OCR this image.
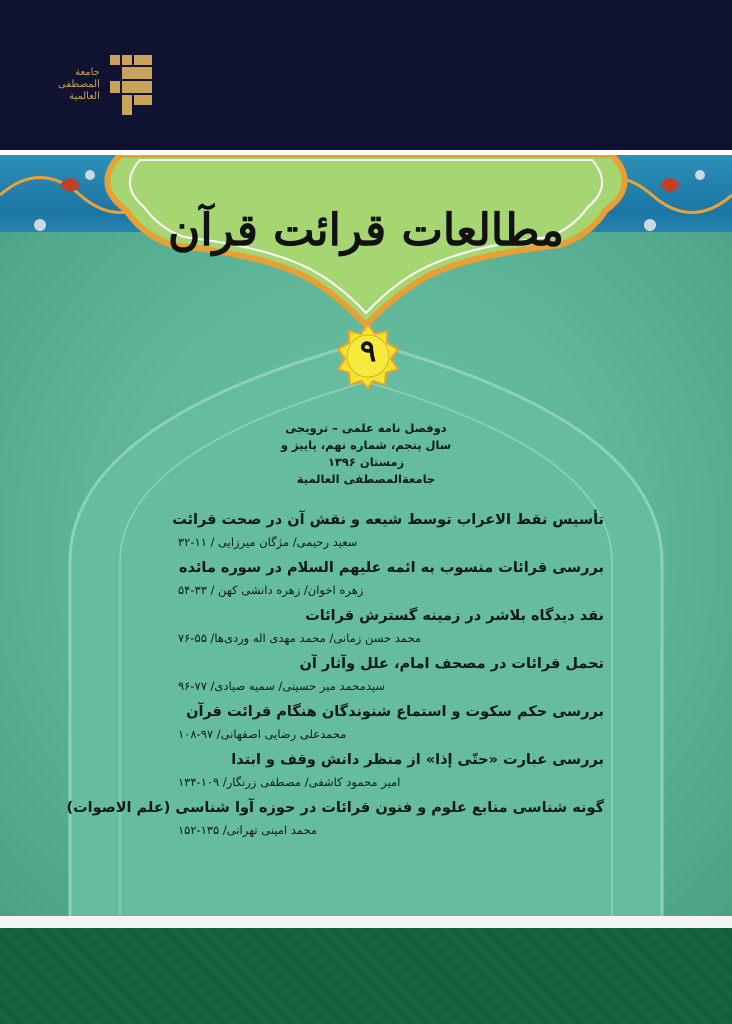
جامعة
المصطفى
العالمية
مطالعات قرائت قرآن
۹
دوفصل نامه علمی – ترویجی
سال پنجم، شماره نهم، پاییز و زمستان ۱۳۹۶
جامعةالمصطفی العالمیة
تأسیس نقط الاعراب توسط شیعه و نقش آن در صحت قرائت
سعید رحیمی/ مژگان میرزایی / ۱۱-۳۲
بررسی قرائات منسوب به ائمه علیهم السلام در سوره مائده
زهره اخوان/ زهره دانشی کهن / ۳۳-۵۴
نقد دیدگاه بلاشر در زمینه گسترش قرائات
محمد حسن زمانی/ محمد مهدی اله وردی‌ها/ ۵۵-۷۶
تحمل قرائات در مصحف امام، علل وآثار آن
سیدمحمد میر حسینی/ سمیه صیادی/ ۷۷-۹۶
بررسی حکم سکوت و استماع شنوندگان هنگام قرائت قرآن
محمدعلی رضایی اصفهانی/ ۹۷-۱۰۸
بررسی عبارت «حتّی إذا» از منظر دانش وقف و ابتدا
امیر محمود کاشفی/ مصطفی زرنگار/ ۱۰۹-۱۳۴
گونه شناسی منابع علوم و فنون قرائات در حوزه آوا شناسی (علم الاصوات)
محمد امینی تهرانی/ ۱۳۵-۱۵۲
